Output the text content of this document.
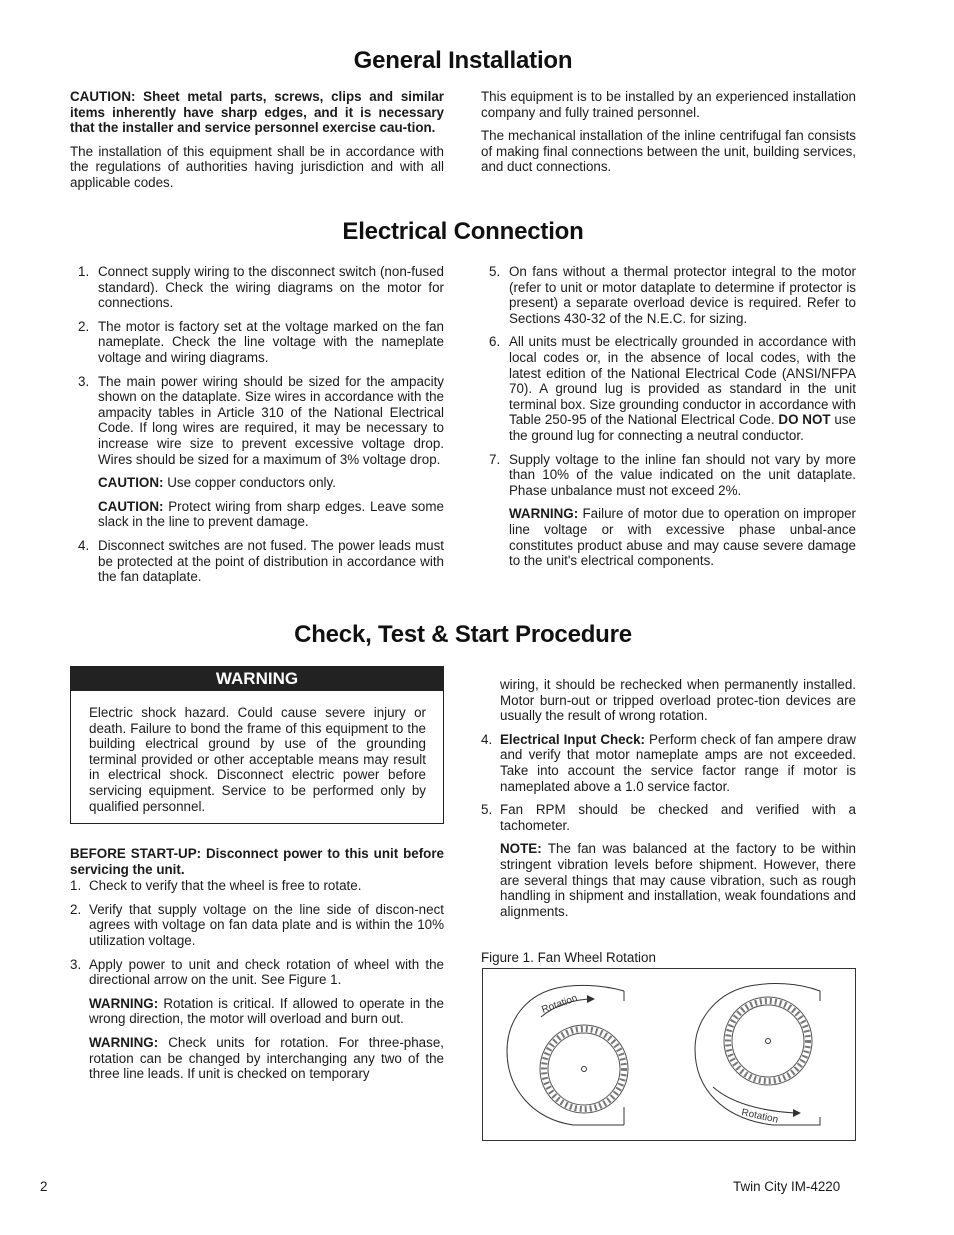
General Installation

CAUTION: Sheet metal parts, screws, clips and similar items inherently have sharp edges, and it is necessary that the installer and service personnel exercise cau-tion.

The installation of this equipment shall be in accordance with the regulations of authorities having jurisdiction and with all applicable codes.

This equipment is to be installed by an experienced installation company and fully trained personnel.

The mechanical installation of the inline centrifugal fan consists of making final connections between the unit, building services, and duct connections.

Electrical Connection
1. Connect supply wiring to the disconnect switch (non-fused standard). Check the wiring diagrams on the motor for connections.
2. The motor is factory set at the voltage marked on the fan nameplate. Check the line voltage with the nameplate voltage and wiring diagrams.
3. The main power wiring should be sized for the ampacity shown on the dataplate. Size wires in accordance with the ampacity tables in Article 310 of the National Electrical Code. If long wires are required, it may be necessary to increase wire size to prevent excessive voltage drop. Wires should be sized for a maximum of 3% voltage drop.
CAUTION: Use copper conductors only.
CAUTION: Protect wiring from sharp edges. Leave some slack in the line to prevent damage.
4. Disconnect switches are not fused. The power leads must be protected at the point of distribution in accordance with the fan dataplate.
5. On fans without a thermal protector integral to the motor (refer to unit or motor dataplate to determine if protector is present) a separate overload device is required. Refer to Sections 430-32 of the N.E.C. for sizing.
6. All units must be electrically grounded in accordance with local codes or, in the absence of local codes, with the latest edition of the National Electrical Code (ANSI/NFPA 70). A ground lug is provided as standard in the unit terminal box. Size grounding conductor in accordance with Table 250-95 of the National Electrical Code. DO NOT use the ground lug for connecting a neutral conductor.
7. Supply voltage to the inline fan should not vary by more than 10% of the value indicated on the unit dataplate. Phase unbalance must not exceed 2%.
WARNING: Failure of motor due to operation on improper line voltage or with excessive phase unbal-ance constitutes product abuse and may cause severe damage to the unit's electrical components.
Check, Test & Start Procedure
WARNING
Electric shock hazard. Could cause severe injury or death. Failure to bond the frame of this equipment to the building electrical ground by use of the grounding terminal provided or other acceptable means may result in electrical shock. Disconnect electric power before servicing equipment. Service to be performed only by qualified personnel.

BEFORE START-UP: Disconnect power to this unit before servicing the unit.

1. Check to verify that the wheel is free to rotate.
2. Verify that supply voltage on the line side of discon-nect agrees with voltage on fan data plate and is within the 10% utilization voltage.
3. Apply power to unit and check rotation of wheel with the directional arrow on the unit. See Figure 1.
WARNING: Rotation is critical. If allowed to operate in the wrong direction, the motor will overload and burn out.
WARNING: Check units for rotation. For three-phase, rotation can be changed by interchanging any two of the three line leads. If unit is checked on temporary
wiring, it should be rechecked when permanently installed. Motor burn-out or tripped overload protec-tion devices are usually the result of wrong rotation.
4. Electrical Input Check: Perform check of fan ampere draw and verify that motor nameplate amps are not exceeded. Take into account the service factor range if motor is nameplated above a 1.0 service factor.
5. Fan RPM should be checked and verified with a tachometer.
NOTE: The fan was balanced at the factory to be within stringent vibration levels before shipment. However, there are several things that may cause vibration, such as rough handling in shipment and installation, weak foundations and alignments.
Figure 1. Fan Wheel Rotation
Rotation
Rotation
2	Twin City IM-4220
